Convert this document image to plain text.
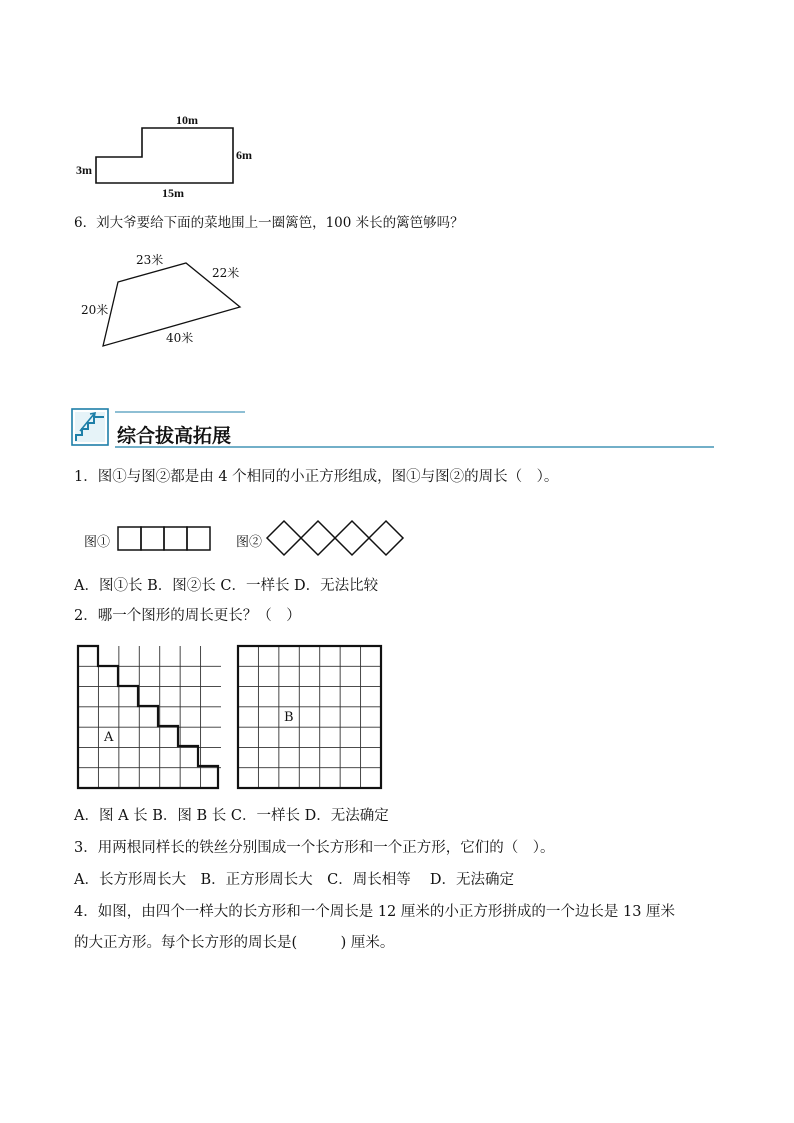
10m
6m
3m
15m
6．刘大爷要给下面的菜地围上一圈篱笆，100 米长的篱笆够吗？
23米
22米
20米
40米
综合拔高拓展
1．图①与图②都是由 4 个相同的小正方形组成，图①与图②的周长（　）。
图①	图②
A．图①长 B．图②长 C．一样长 D．无法比较
2．哪一个图形的周长更长？（　）
A
B
A．图 A 长 B．图 B 长 C．一样长 D．无法确定
3．用两根同样长的铁丝分别围成一个长方形和一个正方形，它们的（　）。
A．长方形周长大　B．正方形周长大　C．周长相等　 D．无法确定
4．如图，由四个一样大的长方形和一个周长是 12 厘米的小正方形拼成的一个边长是 13 厘米
的大正方形。每个长方形的周长是(　　　) 厘米。
